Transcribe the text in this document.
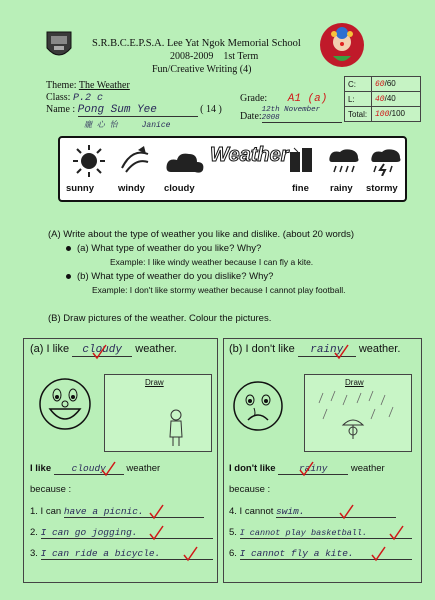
S.R.B.C.E.P.S.A. Lee Yat Ngok Memorial School
2008-2009 1st Term
Fun/Creative Writing (4)
Theme: The Weather
Class: P.2 c
Name : Pong Sum Yee	( 14 )
龐 心 怡	Janice
Grade: A1 (a)
Date:12th November 2008
C:	60/60
L:	40/40
Total:	100/100
Weather
sunny	windy cloudy	fine rainy stormy
(A) Write about the type of weather you like and dislike. (about 20 words)
(a) What type of weather do you like? Why?
Example: I like windy weather because I can fly a kite.
(b) What type of weather do you dislike? Why?
Example: I don't like stormy weather because I cannot play football.
(B) Draw pictures of the weather. Colour the pictures.
(a) I like cloudy weather.
Draw
I like cloudy weather
because :
1. I can have a picnic.
2. I can go jogging.
3. I can ride a bicycle.
(b) I don't like rainy weather.
Draw
I don't like rainy weather
because :
4. I cannot swim.
5. I cannot play basketball.
6. I cannot fly a kite.
